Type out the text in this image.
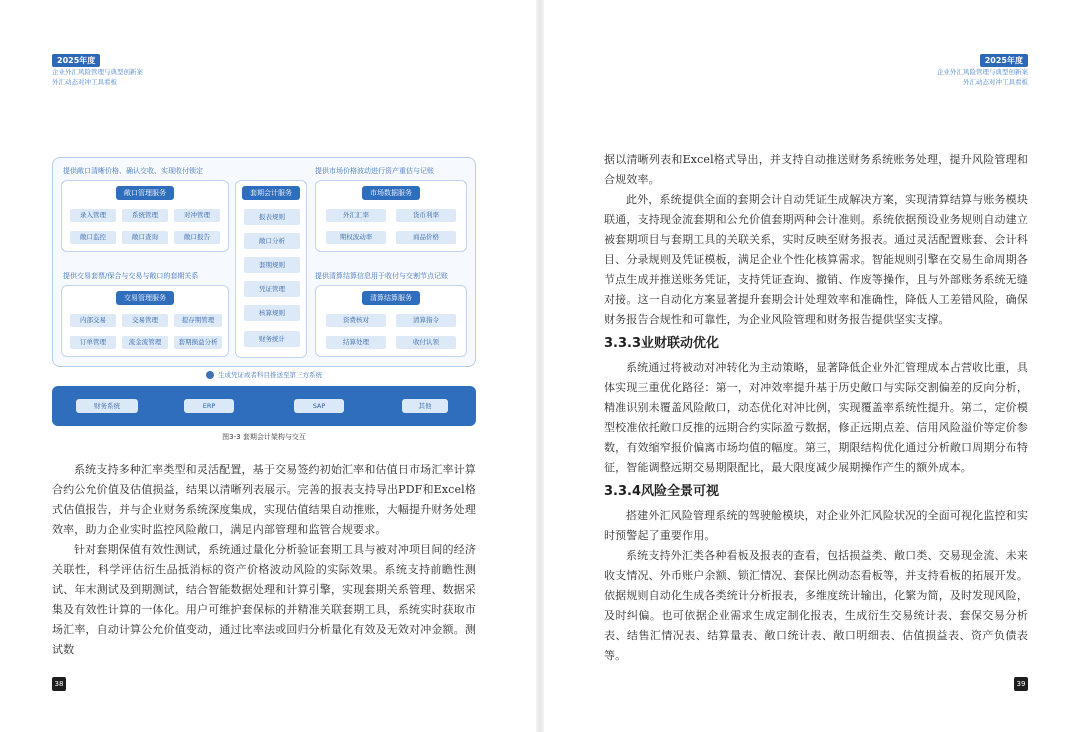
2025年度
企业外汇风险管理与典型创新案
外汇动态对冲工具看板
2025年度
企业外汇风险管理与典型创新案
外汇动态对冲工具看板
提供敞口清晰价格、确认交收、实现收付锁定	提供市场价格波动进行资产重估与记账
提供交易套票/保合与交易与敞口的套期关系	提供清算结算信息用于收付与交割节点记账
敞口管理服务
录入管理	系统管理	对冲管理
敞口监控	敞口查询	敞口报告
交易管理服务
内部交易	交易管理	提存期管理
订单管理	流金流管理	套期损益分析
套期会计服务
报表规则
敞口分析
套期规则
凭证管理
核算规则
财务统计
市场数据服务
外汇汇率	货币利率
期权波动率	商品价格
清算结算服务
资费核对	清算指令
结算处理	收付认领
生成凭证或者科目推送至第三方系统
财务系统	ERP	SAP	其他
图3-3 套期会计架构与交互

系统支持多种汇率类型和灵活配置，基于交易签约初始汇率和估值日市场汇率计算合约公允价值及估值损益，结果以清晰列表展示。完善的报表支持导出PDF和Excel格式估值报告，并与企业财务系统深度集成，实现估值结果自动推账，大幅提升财务处理效率，助力企业实时监控风险敞口，满足内部管理和监管合规要求。

针对套期保值有效性测试，系统通过量化分析验证套期工具与被对冲项目间的经济关联性，科学评估衍生品抵消标的资产价格波动风险的实际效果。系统支持前瞻性测试、年末测试及到期测试，结合智能数据处理和计算引擎，实现套期关系管理、数据采集及有效性计算的一体化。用户可维护套保标的并精准关联套期工具，系统实时获取市场汇率，自动计算公允价值变动，通过比率法或回归分析量化有效及无效对冲金额。测试数

据以清晰列表和Excel格式导出，并支持自动推送财务系统账务处理，提升风险管理和合规效率。

此外，系统提供全面的套期会计自动凭证生成解决方案，实现清算结算与账务模块联通，支持现金流套期和公允价值套期两种会计准则。系统依据预设业务规则自动建立被套期项目与套期工具的关联关系，实时反映至财务报表。通过灵活配置账套、会计科目、分录规则及凭证模板，满足企业个性化核算需求。智能规则引擎在交易生命周期各节点生成并推送账务凭证，支持凭证查询、撤销、作废等操作，且与外部账务系统无缝对接。这一自动化方案显著提升套期会计处理效率和准确性，降低人工差错风险，确保财务报告合规性和可靠性，为企业风险管理和财务报告提供坚实支撑。

3.3.3业财联动优化

系统通过将被动对冲转化为主动策略，显著降低企业外汇管理成本占营收比重，具体实现三重优化路径：第一，对冲效率提升基于历史敞口与实际交割偏差的反向分析，精准识别未覆盖风险敞口，动态优化对冲比例，实现覆盖率系统性提升。第二，定价模型校准依托敞口反推的远期合约实际盈亏数据，修正远期点差、信用风险溢价等定价参数，有效缩窄报价偏离市场均值的幅度。第三，期限结构优化通过分析敞口周期分布特征，智能调整远期交易期限配比，最大限度减少展期操作产生的额外成本。

3.3.4风险全景可视

搭建外汇风险管理系统的驾驶舱模块，对企业外汇风险状况的全面可视化监控和实时预警起了重要作用。

系统支持外汇类各种看板及报表的查看，包括损益类、敞口类、交易现金流、未来收支情况、外币账户余额、锁汇情况、套保比例动态看板等，并支持看板的拓展开发。依据规则自动化生成各类统计分析报表，多维度统计输出，化繁为简，及时发现风险，及时纠偏。也可依据企业需求生成定制化报表，生成衍生交易统计表、套保交易分析表、结售汇情况表、结算量表、敞口统计表、敞口明细表、估值损益表、资产负债表等。

38	39
